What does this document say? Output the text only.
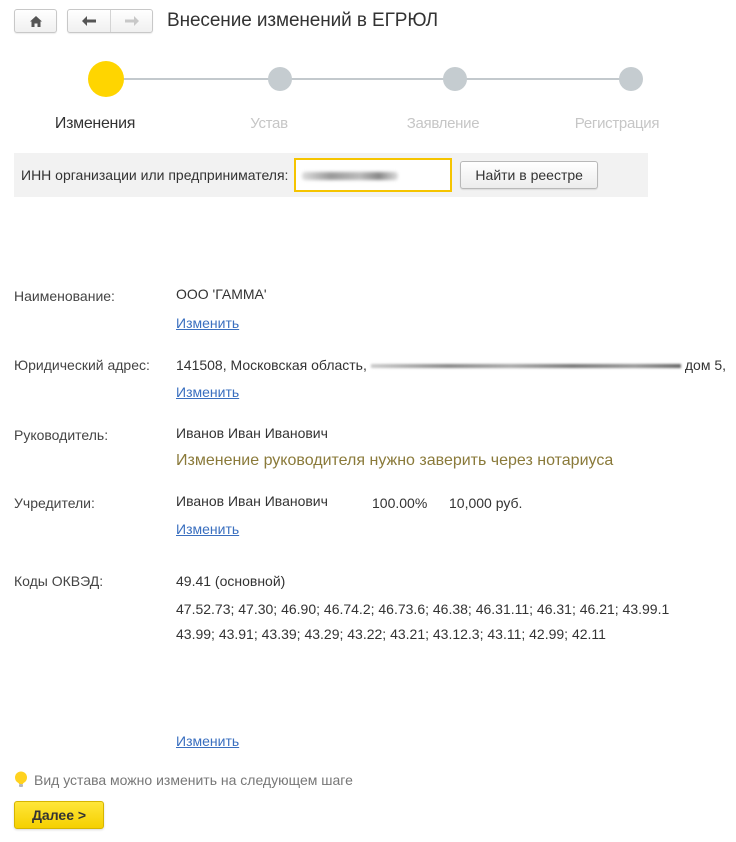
Внесение изменений в ЕГРЮЛ
Изменения	Устав	Заявление	Регистрация
ИНН организации или предпринимателя:	Найти в реестре
Наименование:	ООО 'ГАММА'
Изменить
Юридический адрес: 141508, Московская область,	дом 5,
Изменить
Руководитель:	Иванов Иван Иванович
Изменение руководителя нужно заверить через нотариуса
Учредители:	Иванов Иван Иванович	100.00% 10,000 руб.
Изменить
Коды ОКВЭД:	49.41 (основной)
47.52.73; 47.30; 46.90; 46.74.2; 46.73.6; 46.38; 46.31.11; 46.31; 46.21; 43.99.1
43.99; 43.91; 43.39; 43.29; 43.22; 43.21; 43.12.3; 43.11; 42.99; 42.11
Изменить
Вид устава можно изменить на следующем шаге
Далее >
